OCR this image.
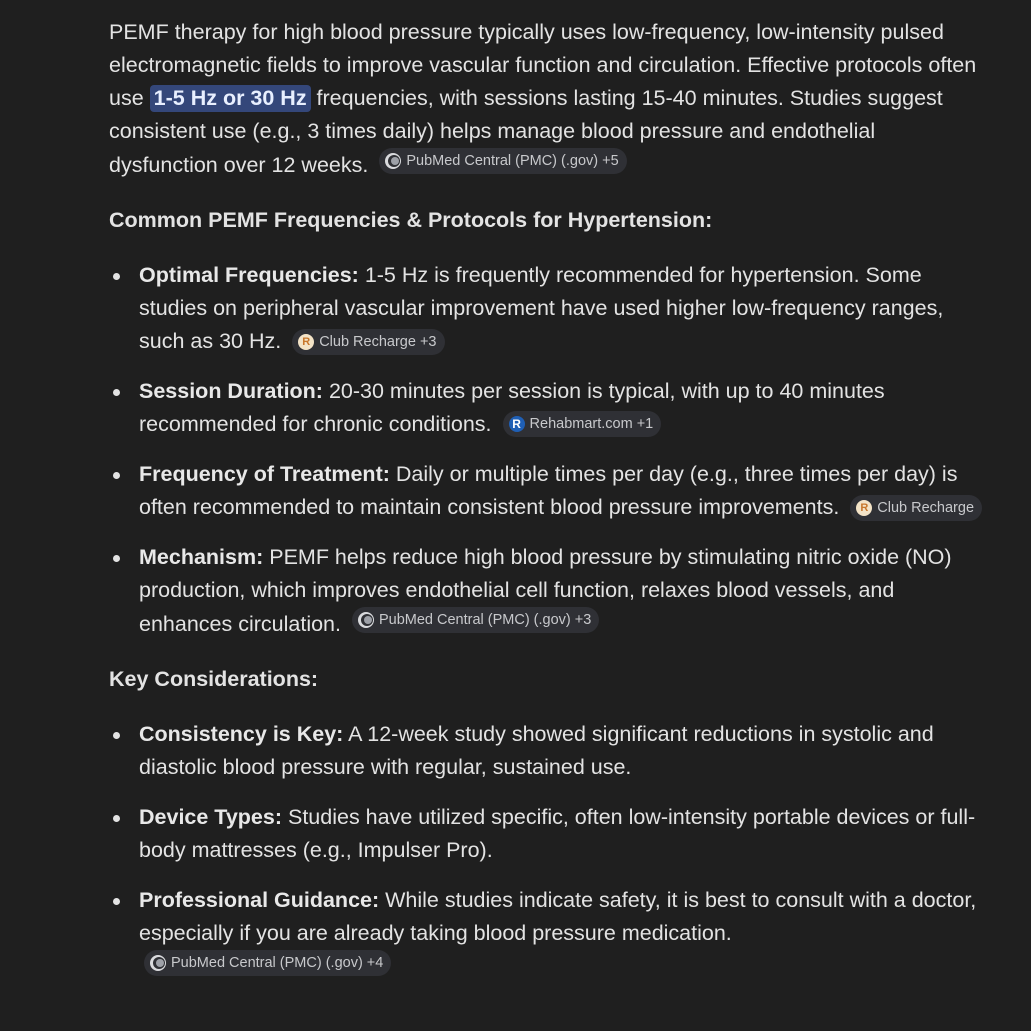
PEMF therapy for high blood pressure typically uses low-frequency, low-intensity pulsed electromagnetic fields to improve vascular function and circulation. Effective protocols often use 1-5 Hz or 30 Hz frequencies, with sessions lasting 15-40 minutes. Studies suggest consistent use (e.g., 3 times daily) helps manage blood pressure and endothelial dysfunction over 12 weeks.	PubMed Central (PMC) (.gov) +5

Common PEMF Frequencies & Protocols for Hypertension:

Optimal Frequencies: 1-5 Hz is frequently recommended for hypertension. Some studies on peripheral vascular improvement have used higher low-frequency ranges, such as 30 Hz.	R Club Recharge +3
Session Duration: 20-30 minutes per session is typical, with up to 40 minutes recommended for chronic conditions.	R Rehabmart.com +1
Frequency of Treatment: Daily or multiple times per day (e.g., three times per day) is often recommended to maintain consistent blood pressure improvements.	R Club Recharge
Mechanism: PEMF helps reduce high blood pressure by stimulating nitric oxide (NO) production, which improves endothelial cell function, relaxes blood vessels, and enhances circulation.	PubMed Central (PMC) (.gov) +3

Key Considerations:

Consistency is Key: A 12-week study showed significant reductions in systolic and diastolic blood pressure with regular, sustained use.
Device Types: Studies have utilized specific, often low-intensity portable devices or full-body mattresses (e.g., Impulser Pro).
Professional Guidance: While studies indicate safety, it is best to consult with a doctor, especially if you are already taking blood pressure medication.
PubMed Central (PMC) (.gov) +4
